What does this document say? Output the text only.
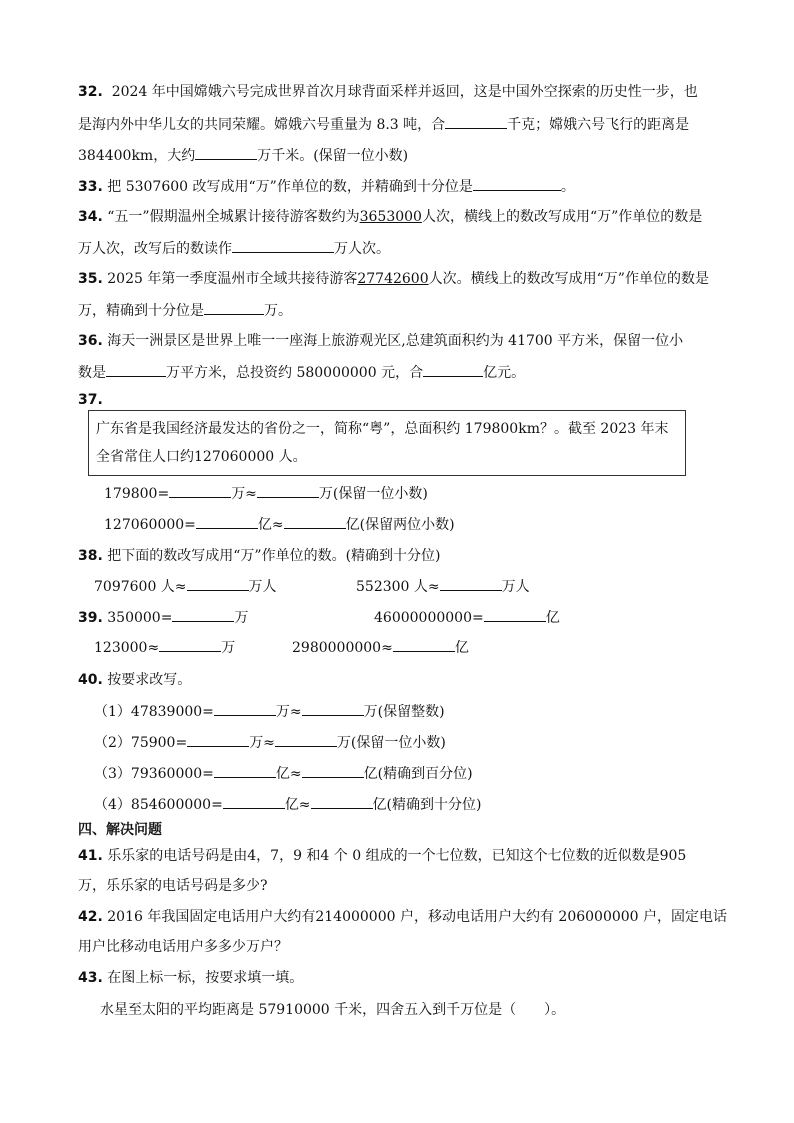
32. 2024 年中国嫦娥六号完成世界首次月球背面采样并返回，这是中国外空探索的历史性一步，也
是海内外中华儿女的共同荣耀。嫦娥六号重量为 8.3 吨，合	千克；嫦娥六号飞行的距离是
384400km，大约	万千米。(保留一位小数)
33. 把 5307600 改写成用“万”作单位的数，并精确到十分位是	。
34. “五一”假期温州全城累计接待游客数约为3653000人次，横线上的数改写成用“万”作单位的数是
万人次，改写后的数读作	万人次。
35. 2025 年第一季度温州市全域共接待游客27742600人次。横线上的数改写成用“万”作单位的数是
万，精确到十分位是	万。
36. 海天一洲景区是世界上唯一一座海上旅游观光区,总建筑面积约为 41700 平方米，保留一位小
数是	万平方米，总投资约 580000000 元，合	亿元。
37.
广东省是我国经济最发达的省份之一，简称“粤”，总面积约 179800km？。截至 2023 年末
全省常住人口约127060000 人。
179800=	万≈	万(保留一位小数)
127060000=	亿≈	亿(保留两位小数)
38. 把下面的数改写成用“万”作单位的数。(精确到十分位)
7097600 人≈	万人	552300 人≈	万人
39. 350000=	万	46000000000=	亿
123000≈	万	2980000000≈	亿
40. 按要求改写。
（1）47839000=	万≈	万(保留整数)
（2）75900=	万≈	万(保留一位小数)
（3）79360000=	亿≈	亿(精确到百分位)
（4）854600000=	亿≈	亿(精确到十分位)
四、解决问题
41. 乐乐家的电话号码是由4，7，9 和4 个 0 组成的一个七位数，已知这个七位数的近似数是905
万，乐乐家的电话号码是多少?
42. 2016 年我国固定电话用户大约有214000000 户，移动电话用户大约有 206000000 户，固定电话
用户比移动电话用户多多少万户？
43. 在图上标一标，按要求填一填。
水星至太阳的平均距离是 57910000 千米，四舍五入到千万位是（　　）。
